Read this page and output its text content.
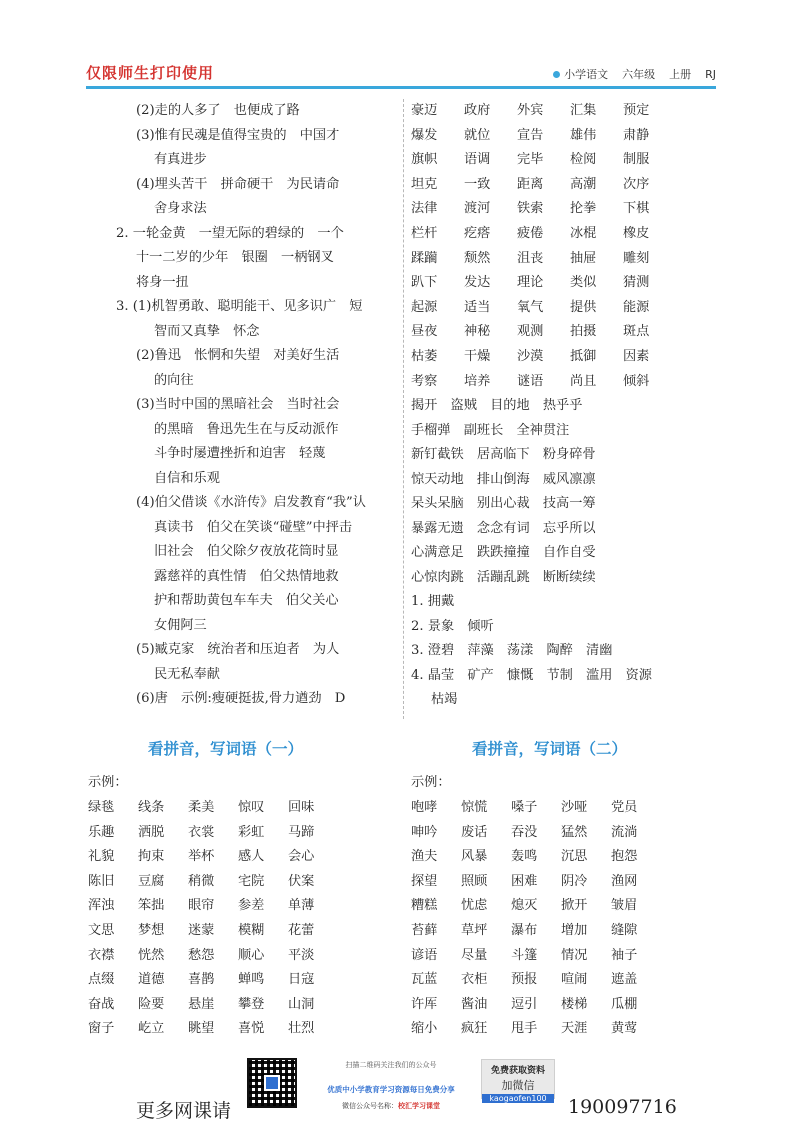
仅限师生打印使用	小学语文 六年级 上册 RJ
(2)走的人多了　也便成了路
(3)惟有民魂是值得宝贵的　中国才
有真进步
(4)埋头苦干　拼命硬干　为民请命
舍身求法
2. 一轮金黄　一望无际的碧绿的　一个
十一二岁的少年　银圈　一柄钢叉
将身一扭
3. (1)机智勇敢、聪明能干、见多识广　短
智而又真挚　怀念
(2)鲁迅　怅惘和失望　对美好生活
的向往
(3)当时中国的黑暗社会　当时社会
的黑暗　鲁迅先生在与反动派作
斗争时屡遭挫折和迫害　轻蔑
自信和乐观
(4)伯父借谈《水浒传》启发教育“我”认
真读书　伯父在笑谈“碰壁”中抨击
旧社会　伯父除夕夜放花筒时显
露慈祥的真性情　伯父热情地救
护和帮助黄包车车夫　伯父关心
女佣阿三
(5)臧克家　统治者和压迫者　为人
民无私奉献
(6)唐　示例:瘦硬挺拔,骨力遒劲　D
豪迈	政府	外宾	汇集	预定
爆发	就位	宣告	雄伟	肃静
旗帜	语调	完毕	检阅	制服
坦克	一致	距离	高潮	次序
法律	渡河	铁索	抡拳	下棋
栏杆	疙瘩	疲倦	冰棍	橡皮
蹂躏	颓然	沮丧	抽屉	雕刻
趴下	发达	理论	类似	猜测
起源	适当	氧气	提供	能源
昼夜	神秘	观测	拍摄	斑点
枯萎	干燥	沙漠	抵御	因素
考察	培养	谜语	尚且	倾斜
揭开　盗贼　目的地　热乎乎
手榴弹　副班长　全神贯注
新钉截铁　居高临下　粉身碎骨
惊天动地　排山倒海　威风凛凛
呆头呆脑　别出心裁　技高一筹
暴露无遗　念念有词　忘乎所以
心满意足　跌跌撞撞　自作自受
心惊肉跳　活蹦乱跳　断断续续
1. 拥戴
2. 景象　倾听
3. 澄碧　萍藻　荡漾　陶醉　清幽
4. 晶莹　矿产　慷慨　节制　滥用　资源
枯竭
看拼音，写词语（一）	看拼音，写词语（二）
示例：	示例：
绿毯	线条	柔美	惊叹	回味
乐趣	洒脱	衣裳	彩虹	马蹄
礼貌	拘束	举杯	感人	会心
陈旧	豆腐	稍微	宅院	伏案
浑浊	笨拙	眼帘	参差	单薄
文思	梦想	迷蒙	模糊	花蕾
衣襟	恍然	愁怨	顺心	平淡
点缀	道德	喜鹊	蝉鸣	日寇
奋战	险要	悬崖	攀登	山洞
窗子	屹立	眺望	喜悦	壮烈
咆哮	惊慌	嗓子	沙哑	党员
呻吟	废话	吞没	猛然	流淌
渔夫	风暴	轰鸣	沉思	抱怨
探望	照顾	困难	阴冷	渔网
糟糕	忧虑	熄灭	掀开	皱眉
苔藓	草坪	瀑布	增加	缝隙
谚语	尽量	斗篷	情况	袖子
瓦蓝	衣柜	预报	喧闹	遮盖
许厍	酱油	逗引	楼梯	瓜棚
缩小	疯狂	甩手	天涯	黄莺
更多网课请
扫描二维码关注我们的公众号
优质中小学教育学习资源每日免费分享
微信公众号名称：校汇学习课堂
免费获取资料
加微信
kaogaofen100	190097716
